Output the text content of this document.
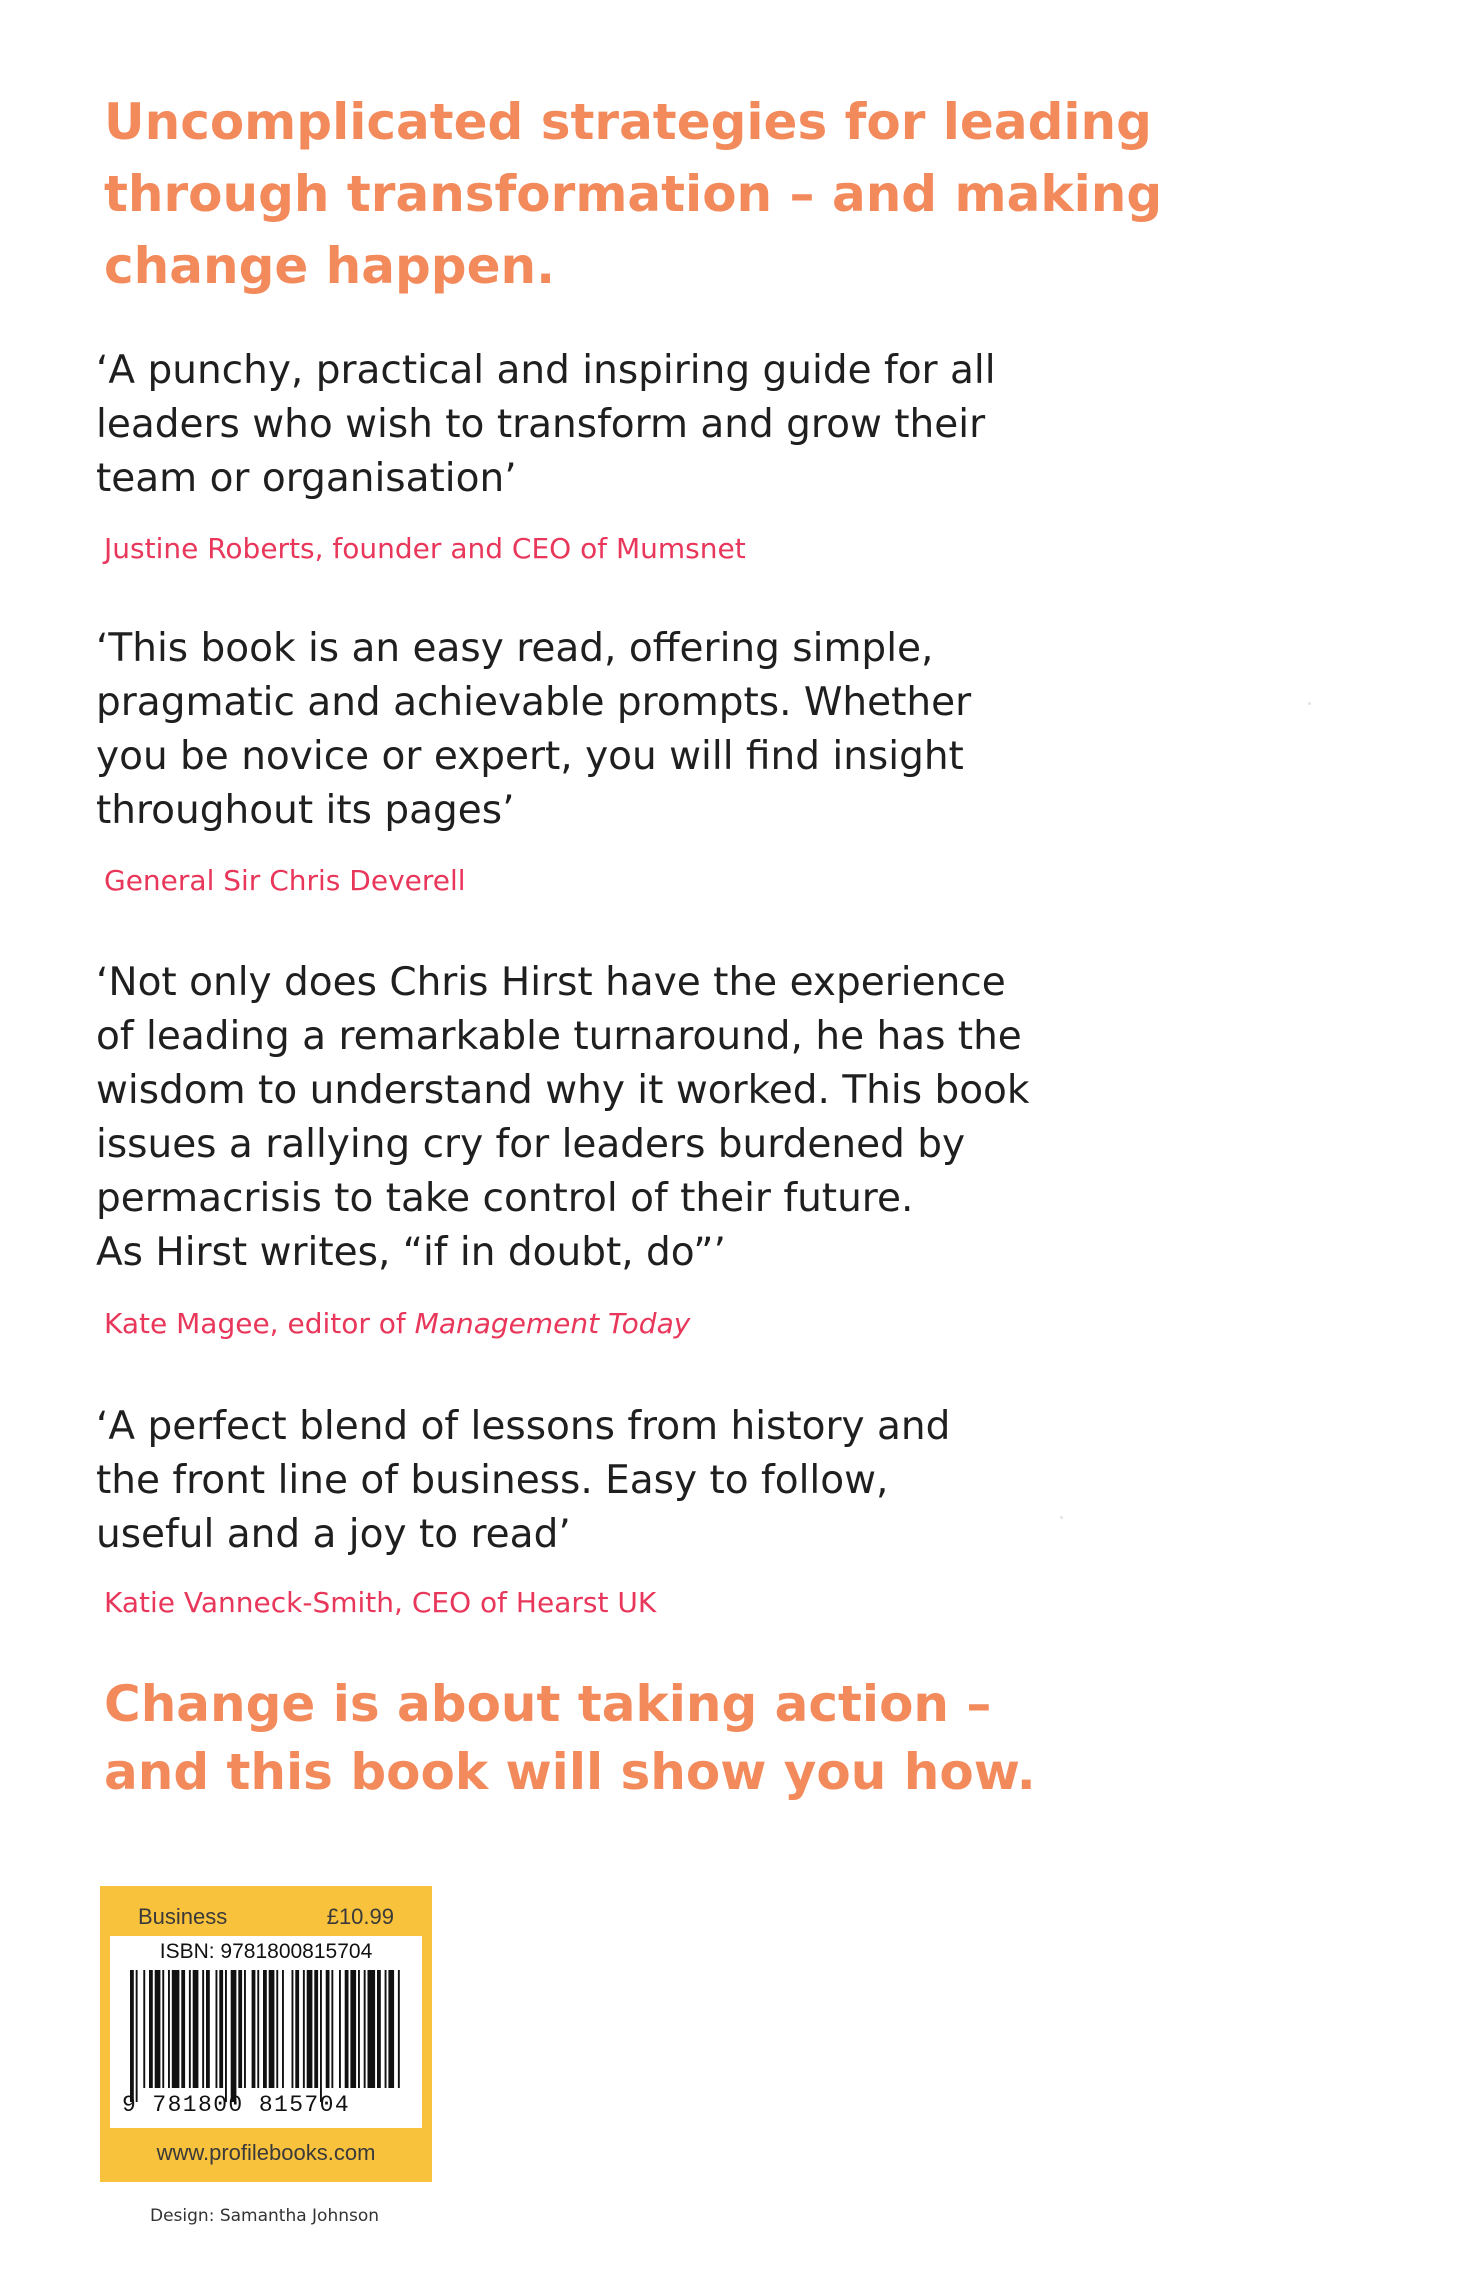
Uncomplicated strategies for leading
through transformation – and making
change happen.

‘A punchy, practical and inspiring guide for all
leaders who wish to transform and grow their
team or organisation’

Justine Roberts, founder and CEO of Mumsnet

‘This book is an easy read, offering simple,
pragmatic and achievable prompts. Whether
you be novice or expert, you will find insight
throughout its pages’

General Sir Chris Deverell

‘Not only does Chris Hirst have the experience
of leading a remarkable turnaround, he has the
wisdom to understand why it worked. This book
issues a rallying cry for leaders burdened by
permacrisis to take control of their future.
As Hirst writes, “if in doubt, do”’

Kate Magee, editor of Management Today

‘A perfect blend of lessons from history and
the front line of business. Easy to follow,
useful and a joy to read’

Katie Vanneck-Smith, CEO of Hearst UK
Change is about taking action –
and this book will show you how.
Business	£10.99
ISBN: 9781800815704
9 781800 815704
www.profilebooks.com
Design: Samantha Johnson
